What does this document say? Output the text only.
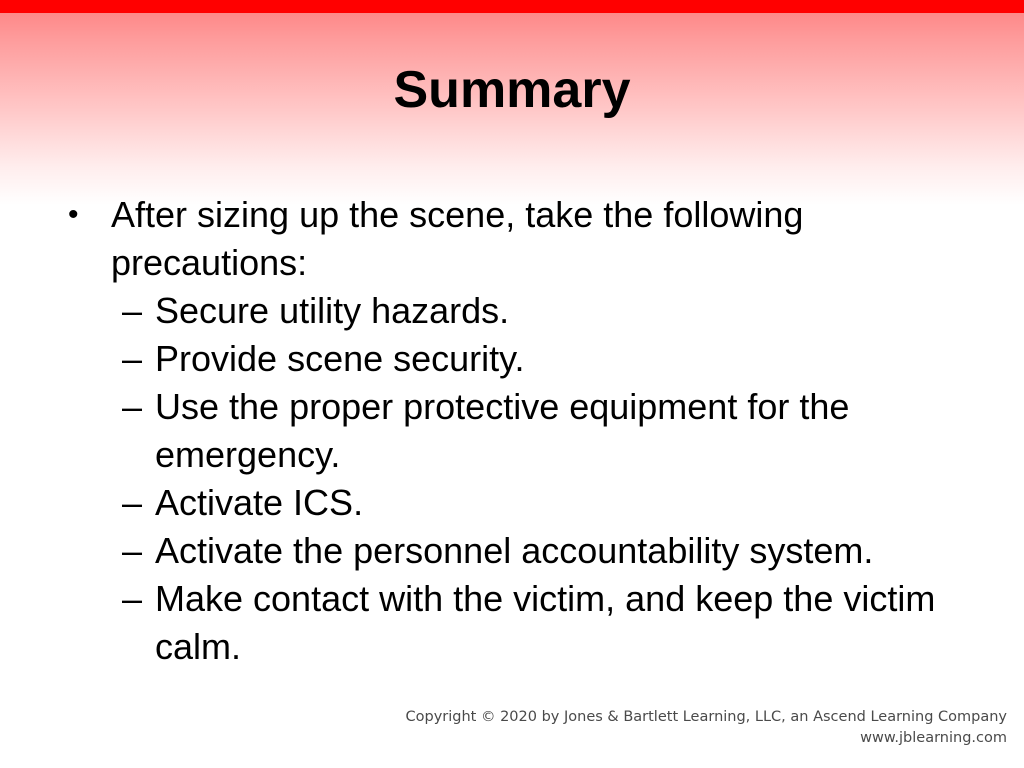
Summary
• After sizing up the scene, take the following precautions:
– Secure utility hazards.
– Provide scene security.
– Use the proper protective equipment for the emergency.
– Activate ICS.
– Activate the personnel accountability system.
– Make contact with the victim, and keep the victim calm.
Copyright © 2020 by Jones & Bartlett Learning, LLC, an Ascend Learning Company
www.jblearning.com
